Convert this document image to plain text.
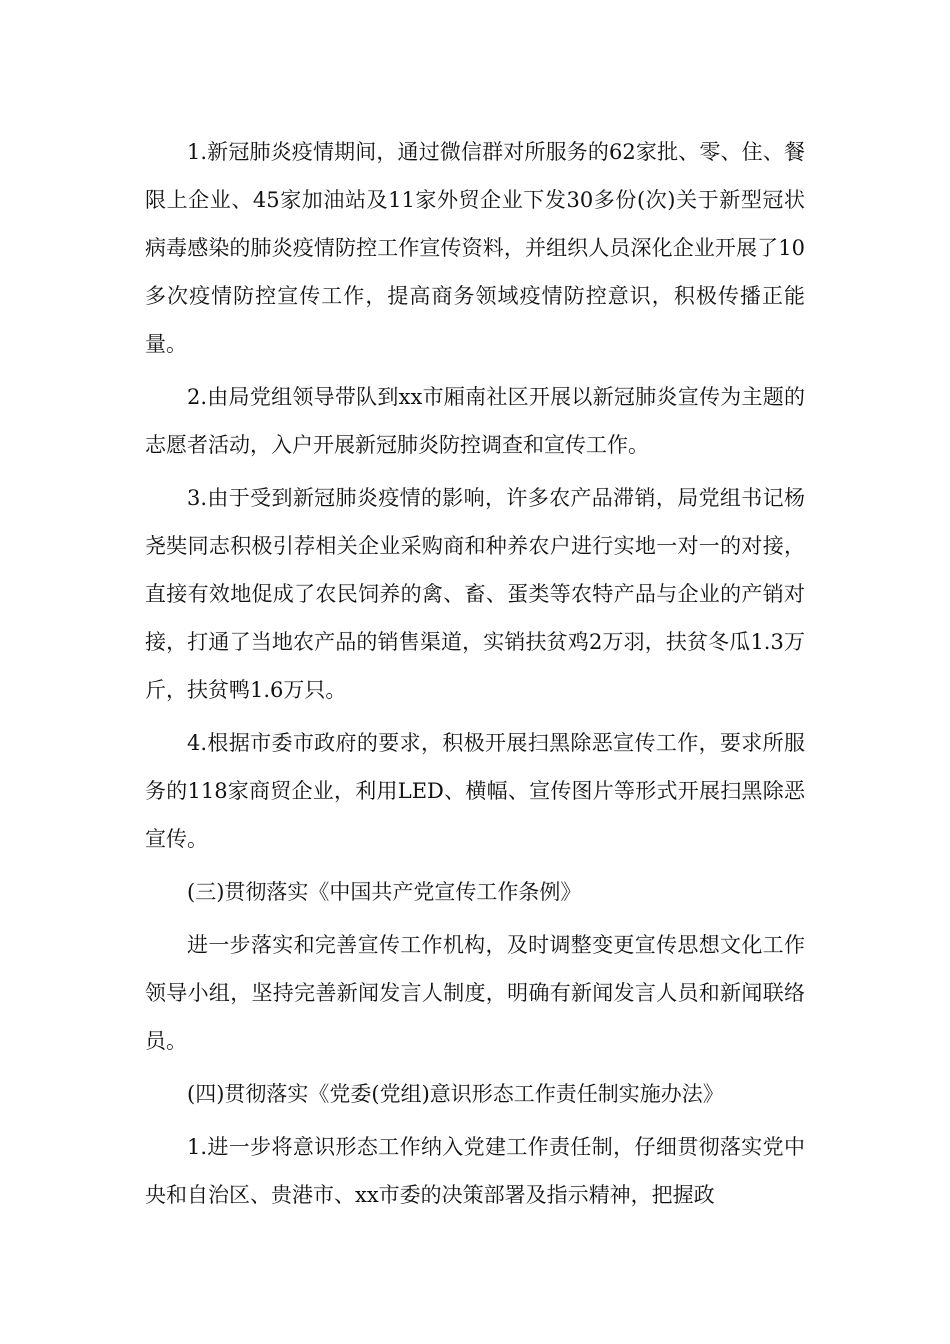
1.新冠肺炎疫情期间，通过微信群对所服务的62家批、零、住、餐限上企业、45家加油站及11家外贸企业下发30多份(次)关于新型冠状病毒感染的肺炎疫情防控工作宣传资料，并组织人员深化企业开展了10多次疫情防控宣传工作，提高商务领域疫情防控意识，积极传播正能量。

2.由局党组领导带队到xx市厢南社区开展以新冠肺炎宣传为主题的志愿者活动，入户开展新冠肺炎防控调查和宣传工作。

3.由于受到新冠肺炎疫情的影响，许多农产品滞销，局党组书记杨尧奘同志积极引荐相关企业采购商和种养农户进行实地一对一的对接，直接有效地促成了农民饲养的禽、畜、蛋类等农特产品与企业的产销对接，打通了当地农产品的销售渠道，实销扶贫鸡2万羽，扶贫冬瓜1.3万斤，扶贫鸭1.6万只。

4.根据市委市政府的要求，积极开展扫黑除恶宣传工作，要求所服务的118家商贸企业，利用LED、横幅、宣传图片等形式开展扫黑除恶宣传。

(三)贯彻落实《中国共产党宣传工作条例》

进一步落实和完善宣传工作机构，及时调整变更宣传思想文化工作领导小组，坚持完善新闻发言人制度，明确有新闻发言人员和新闻联络员。

(四)贯彻落实《党委(党组)意识形态工作责任制实施办法》

1.进一步将意识形态工作纳入党建工作责任制，仔细贯彻落实党中央和自治区、贵港市、xx市委的决策部署及指示精神，把握政
